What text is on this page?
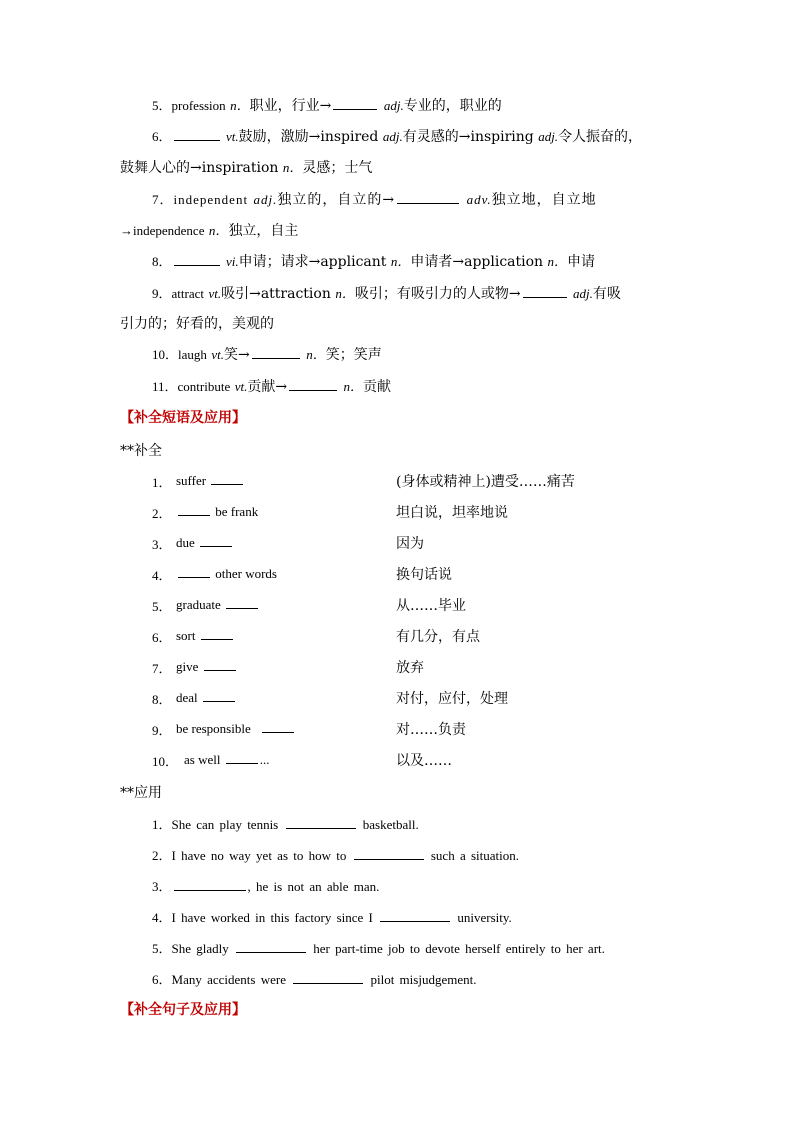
5．profession n．职业，行业→	adj.专业的，职业的
6．	vt.鼓励，激励→inspired adj.有灵感的→inspiring adj.令人振奋的，
鼓舞人心的→inspiration n．灵感；士气
7．independent adj.独立的，自立的→	adv.独立地，自立地
→independence n．独立，自主
8．	vi.申请；请求→applicant n．申请者→application n．申请
9．attract vt.吸引→attraction n．吸引；有吸引力的人或物→	adj.有吸
引力的；好看的，美观的
10．laugh vt.笑→	n．笑；笑声
11．contribute vt.贡献→	n．贡献
【补全短语及应用】
**补全
1． suffer	(身体或精神上)遭受……痛苦
2．	be frank	坦白说，坦率地说
3． due	因为
4．	other words	换句话说
5． graduate	从……毕业
6． sort	有几分，有点
7． give	放弃
8． deal	对付，应付，处理
9． be responsible	对……负责
10． as well	...	以及……
**应用
1．She can play tennis	basketball.
2．I have no way yet as to how to	such a situation.
3．	, he is not an able man.
4．I have worked in this factory since I	university.
5．She gladly	her part-time job to devote herself entirely to her art.
6．Many accidents were	pilot misjudgement.
【补全句子及应用】
